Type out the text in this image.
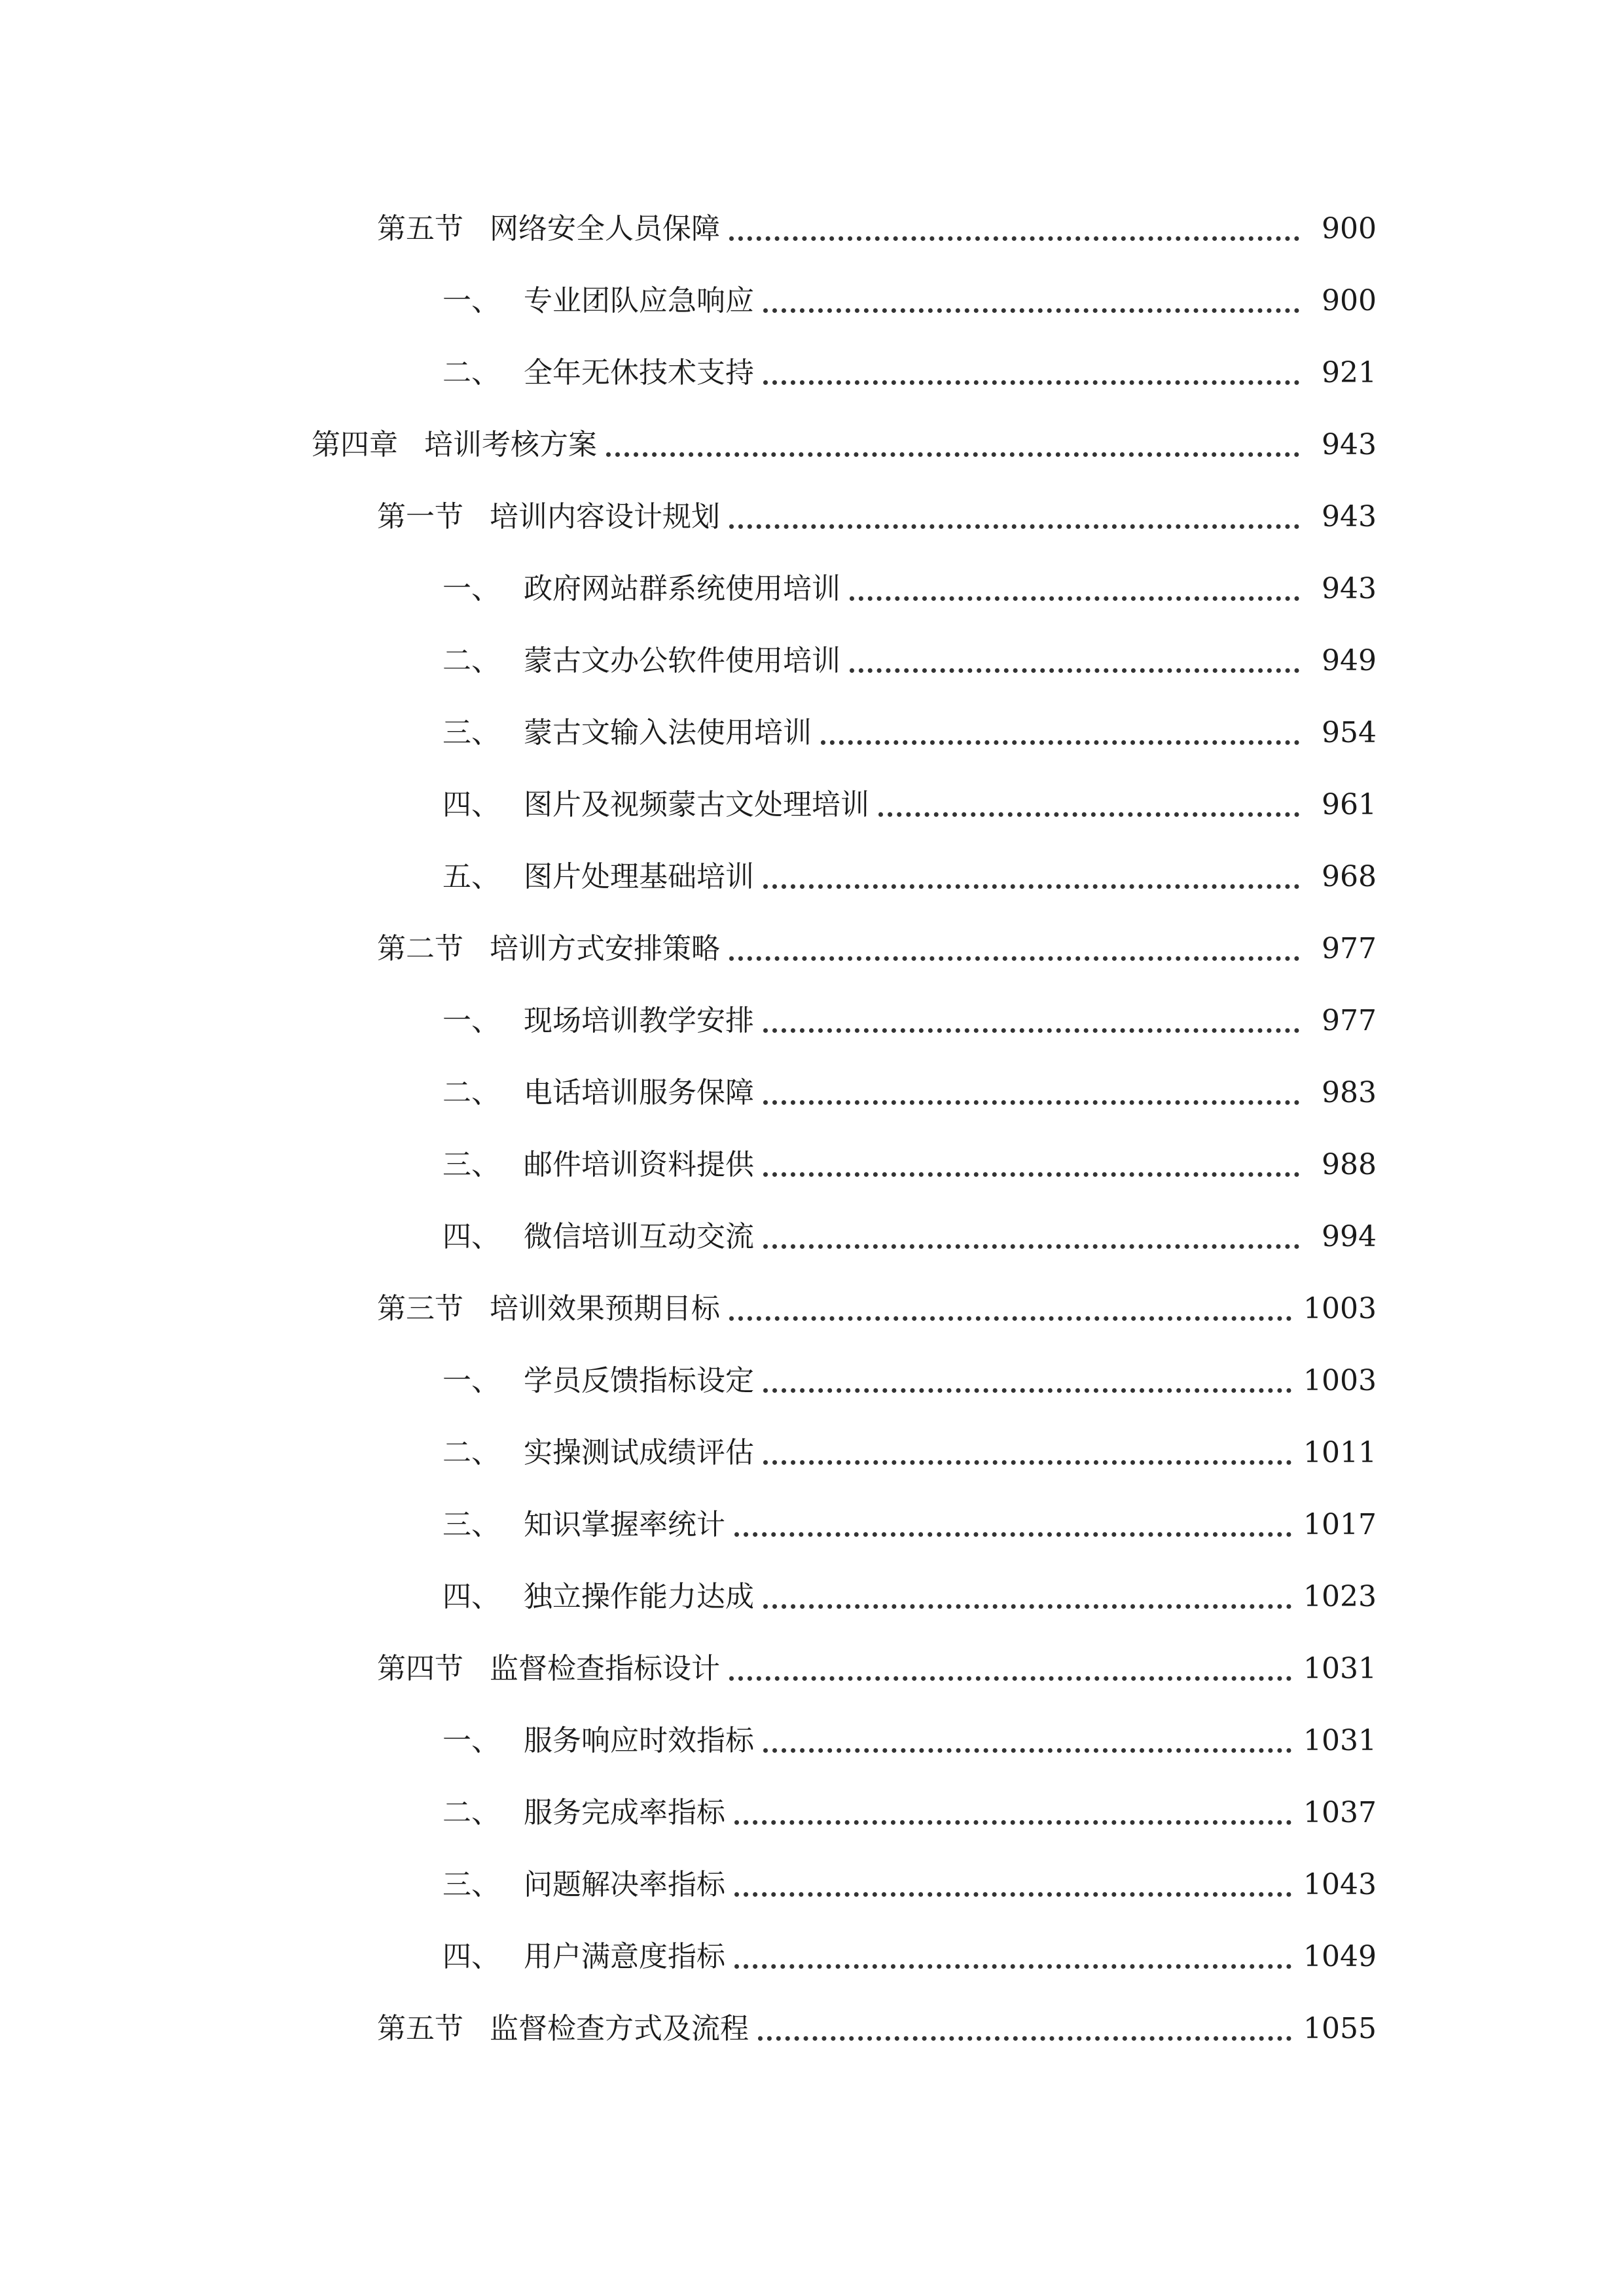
第五节 网络安全人员保障	900
一、 专业团队应急响应	900
二、 全年无休技术支持	921
第四章 培训考核方案	943
第一节 培训内容设计规划	943
一、 政府网站群系统使用培训	943
二、 蒙古文办公软件使用培训	949
三、 蒙古文输入法使用培训	954
四、 图片及视频蒙古文处理培训	961
五、 图片处理基础培训	968
第二节 培训方式安排策略	977
一、 现场培训教学安排	977
二、 电话培训服务保障	983
三、 邮件培训资料提供	988
四、 微信培训互动交流	994
第三节 培训效果预期目标	1003
一、 学员反馈指标设定	1003
二、 实操测试成绩评估	1011
三、 知识掌握率统计	1017
四、 独立操作能力达成	1023
第四节 监督检查指标设计	1031
一、 服务响应时效指标	1031
二、 服务完成率指标	1037
三、 问题解决率指标	1043
四、 用户满意度指标	1049
第五节 监督检查方式及流程	1055
